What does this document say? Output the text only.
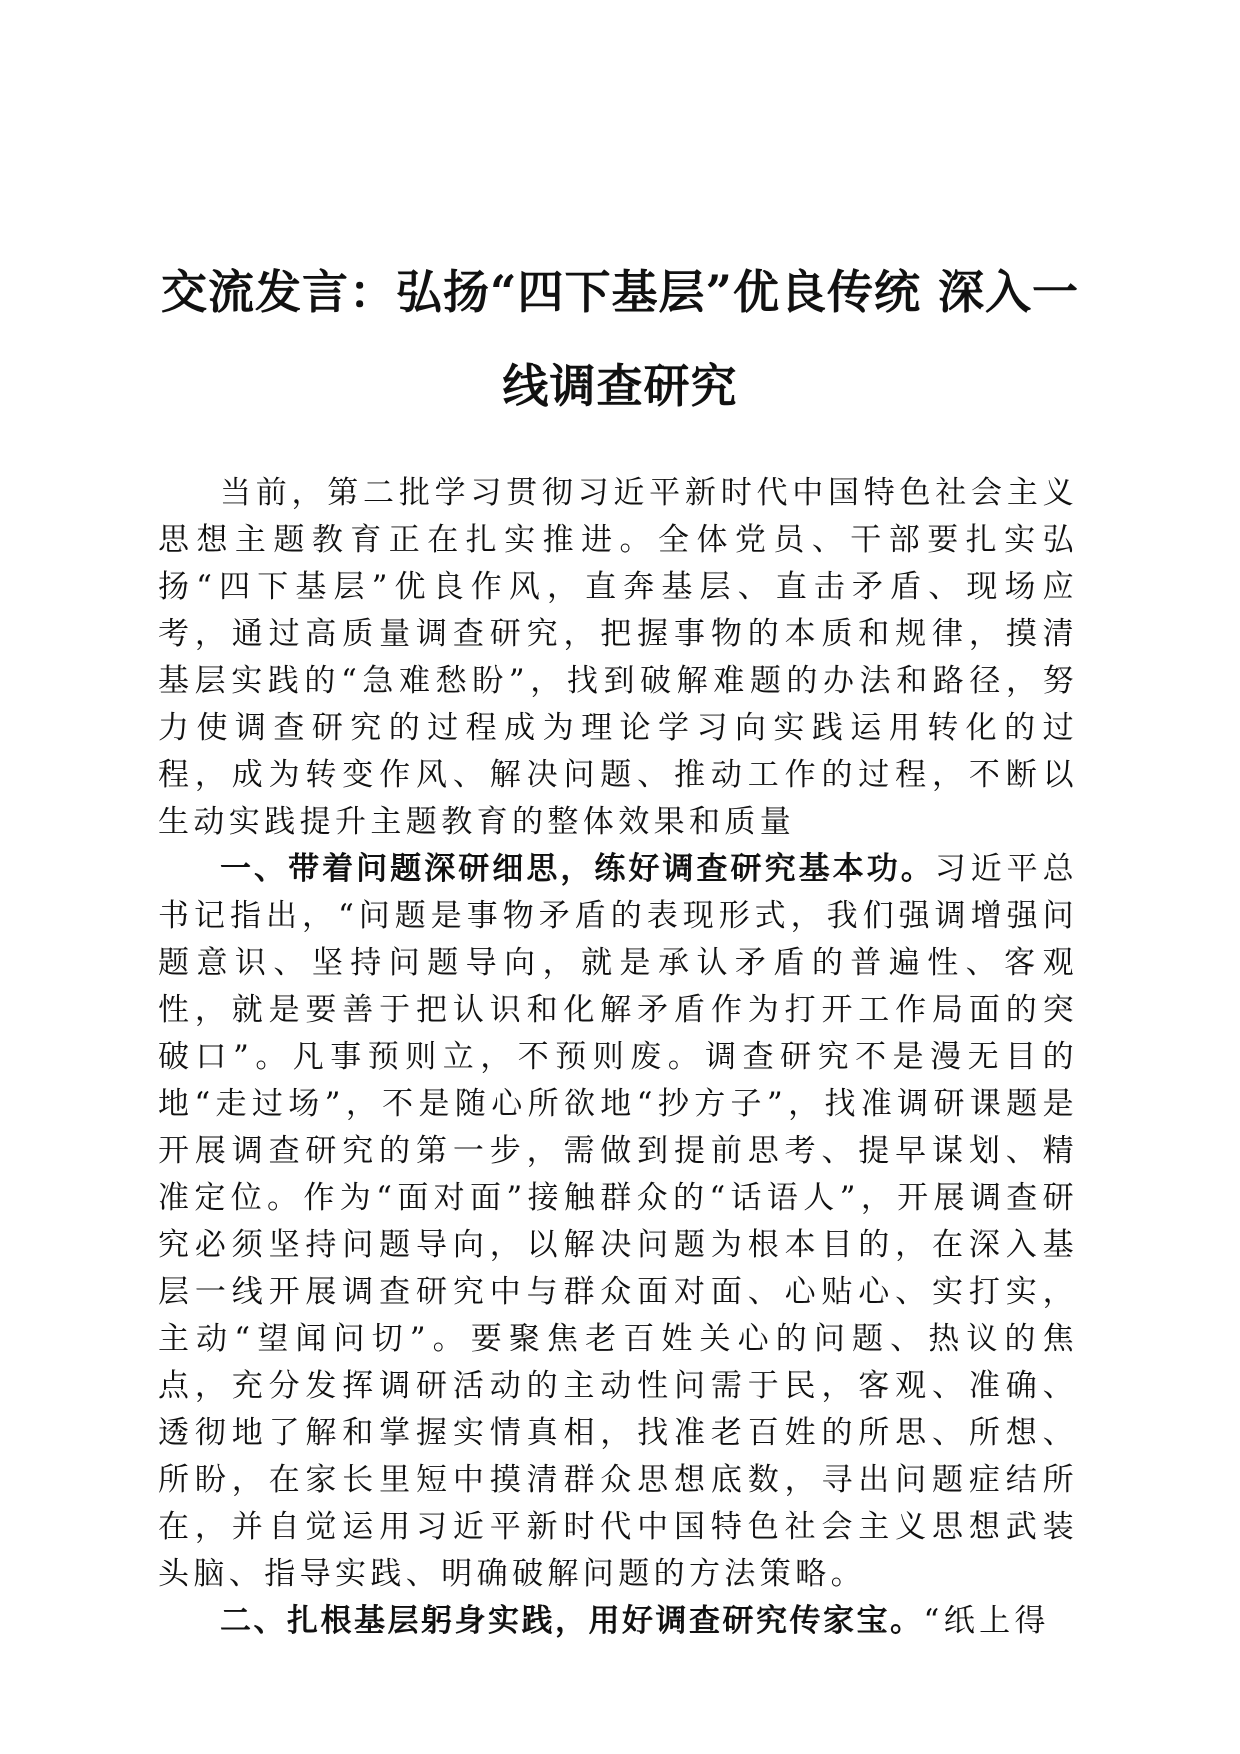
交流发言：弘扬“四下基层”优良传统 深入一线调查研究

当前，第二批学习贯彻习近平新时代中国特色社会主义思想主题教育正在扎实推进。全体党员、干部要扎实弘扬“四下基层”优良作风，直奔基层、直击矛盾、现场应考，通过高质量调查研究，把握事物的本质和规律，摸清基层实践的“急难愁盼”，找到破解难题的办法和路径，努力使调查研究的过程成为理论学习向实践运用转化的过程，成为转变作风、解决问题、推动工作的过程，不断以生动实践提升主题教育的整体效果和质量

一、带着问题深研细思，练好调查研究基本功。习近平总书记指出，“问题是事物矛盾的表现形式，我们强调增强问题意识、坚持问题导向，就是承认矛盾的普遍性、客观性，就是要善于把认识和化解矛盾作为打开工作局面的突破口”。凡事预则立，不预则废。调查研究不是漫无目的地“走过场”，不是随心所欲地“抄方子”，找准调研课题是开展调查研究的第一步，需做到提前思考、提早谋划、精准定位。作为“面对面”接触群众的“话语人”，开展调查研究必须坚持问题导向，以解决问题为根本目的，在深入基层一线开展调查研究中与群众面对面、心贴心、实打实，主动“望闻问切”。要聚焦老百姓关心的问题、热议的焦点，充分发挥调研活动的主动性问需于民，客观、准确、透彻地了解和掌握实情真相，找准老百姓的所思、所想、所盼，在家长里短中摸清群众思想底数，寻出问题症结所在，并自觉运用习近平新时代中国特色社会主义思想武装头脑、指导实践、明确破解问题的方法策略。

二、扎根基层躬身实践，用好调查研究传家宝。“纸上得
